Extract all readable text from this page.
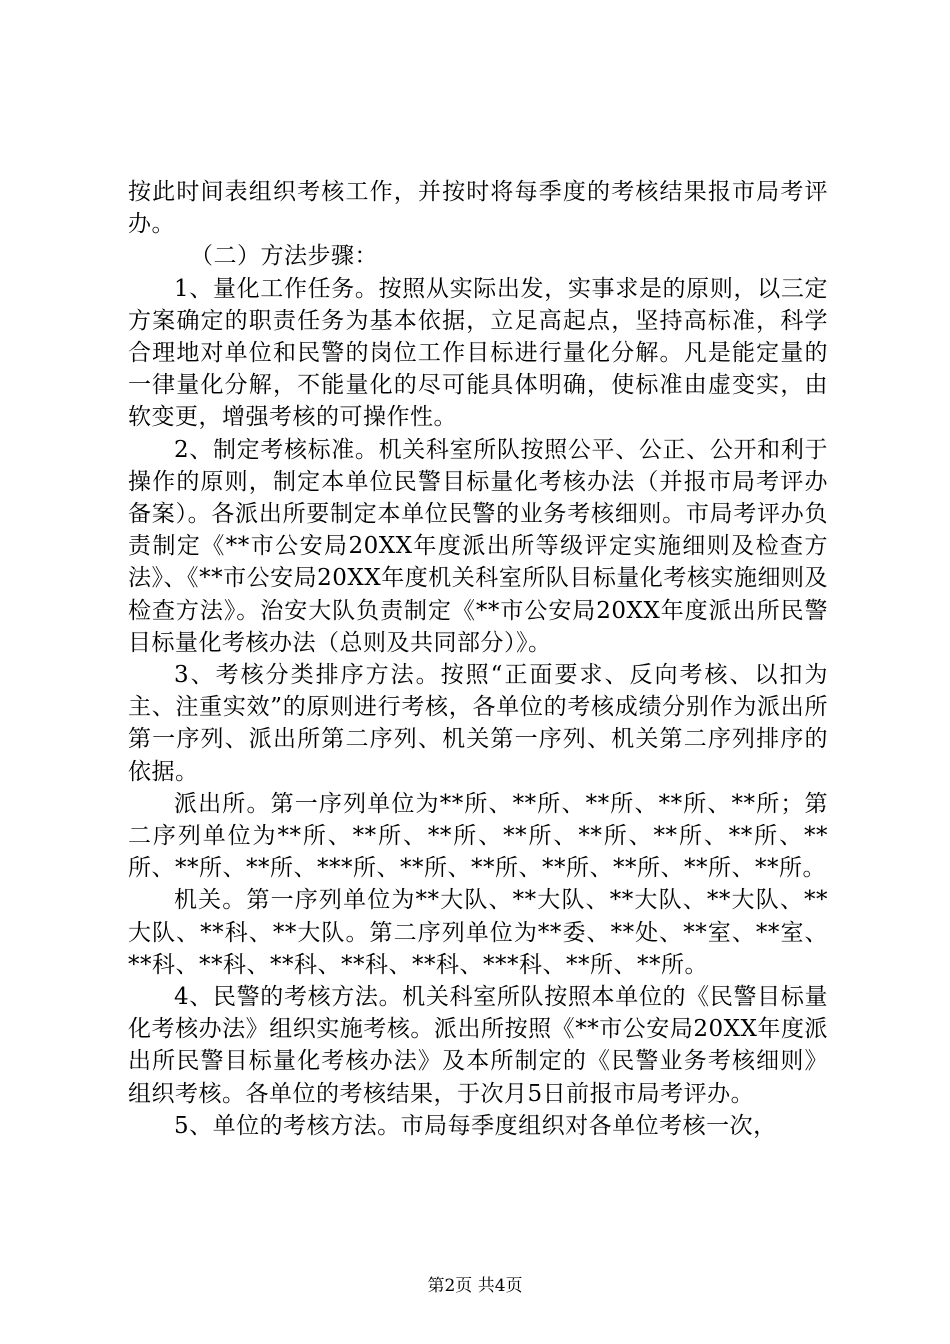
按此时间表组织考核工作，并按时将每季度的考核结果报市局考评办。

（二）方法步骤：

1、量化工作任务。按照从实际出发，实事求是的原则，以三定方案确定的职责任务为基本依据，立足高起点，坚持高标准，科学合理地对单位和民警的岗位工作目标进行量化分解。凡是能定量的一律量化分解，不能量化的尽可能具体明确，使标准由虚变实，由软变更，增强考核的可操作性。

2、制定考核标准。机关科室所队按照公平、公正、公开和利于操作的原则，制定本单位民警目标量化考核办法（并报市局考评办备案）。各派出所要制定本单位民警的业务考核细则。市局考评办负责制定《**市公安局20XX年度派出所等级评定实施细则及检查方法》、《**市公安局20XX年度机关科室所队目标量化考核实施细则及检查方法》。治安大队负责制定《**市公安局20XX年度派出所民警目标量化考核办法（总则及共同部分）》。

3、考核分类排序方法。按照“正面要求、反向考核、以扣为主、注重实效”的原则进行考核，各单位的考核成绩分别作为派出所第一序列、派出所第二序列、机关第一序列、机关第二序列排序的依据。

派出所。第一序列单位为**所、**所、**所、**所、**所；第二序列单位为**所、**所、**所、**所、**所、**所、**所、**所、**所、**所、***所、**所、**所、**所、**所、**所、**所。

机关。第一序列单位为**大队、**大队、**大队、**大队、**大队、**科、**大队。第二序列单位为**委、**处、**室、**室、**科、**科、**科、**科、**科、***科、**所、**所。

4、民警的考核方法。机关科室所队按照本单位的《民警目标量化考核办法》组织实施考核。派出所按照《**市公安局20XX年度派出所民警目标量化考核办法》及本所制定的《民警业务考核细则》组织考核。各单位的考核结果，于次月5日前报市局考评办。

5、单位的考核方法。市局每季度组织对各单位考核一次，

第2页 共4页
